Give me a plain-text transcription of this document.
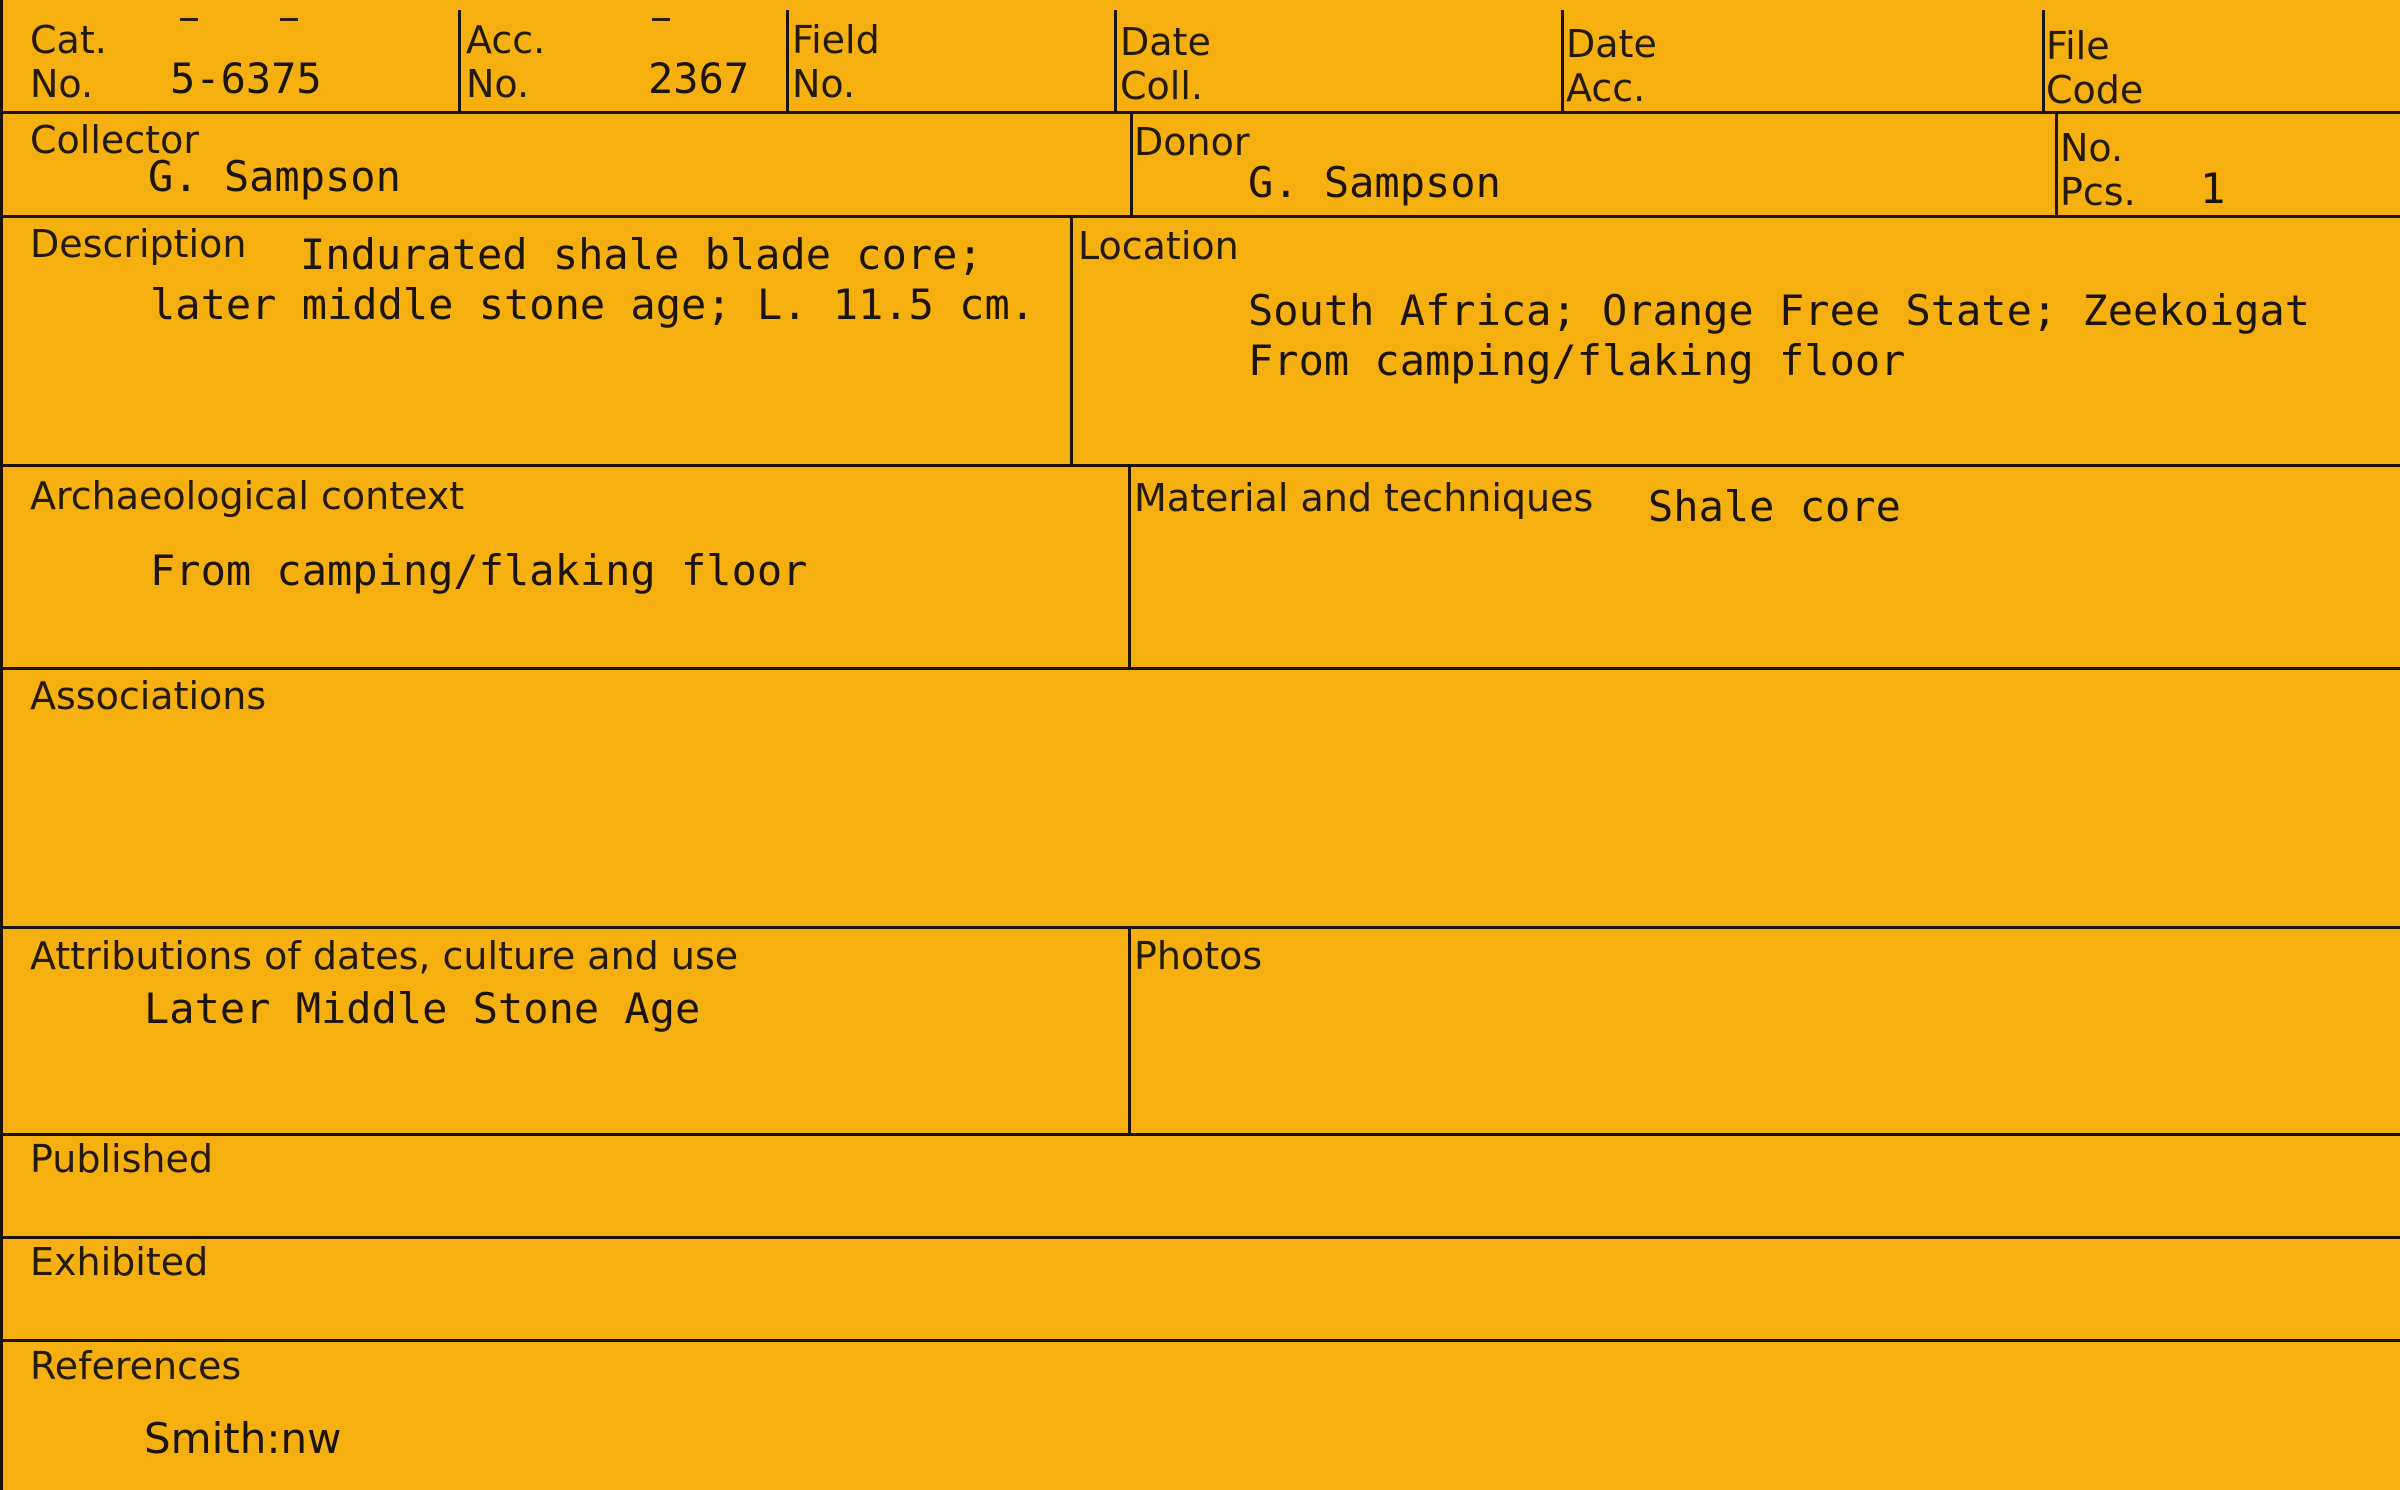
Cat.
No. 5-6375
Acc.
No.	2367
Field
No.
Date
Coll.
Date
Acc.
File
Code
Collector
G. Sampson
Donor
G. Sampson
No.
Pcs. 1
Description Indurated shale blade core;
later middle stone age; L. 11.5 cm.
Location
South Africa; Orange Free State; Zeekoigat
From camping/flaking floor
Archaeological context
From camping/flaking floor
Material and techniques Shale core
Associations
Attributions of dates, culture and use
Later Middle Stone Age
Photos
Published
Exhibited
References
Smith:nw
